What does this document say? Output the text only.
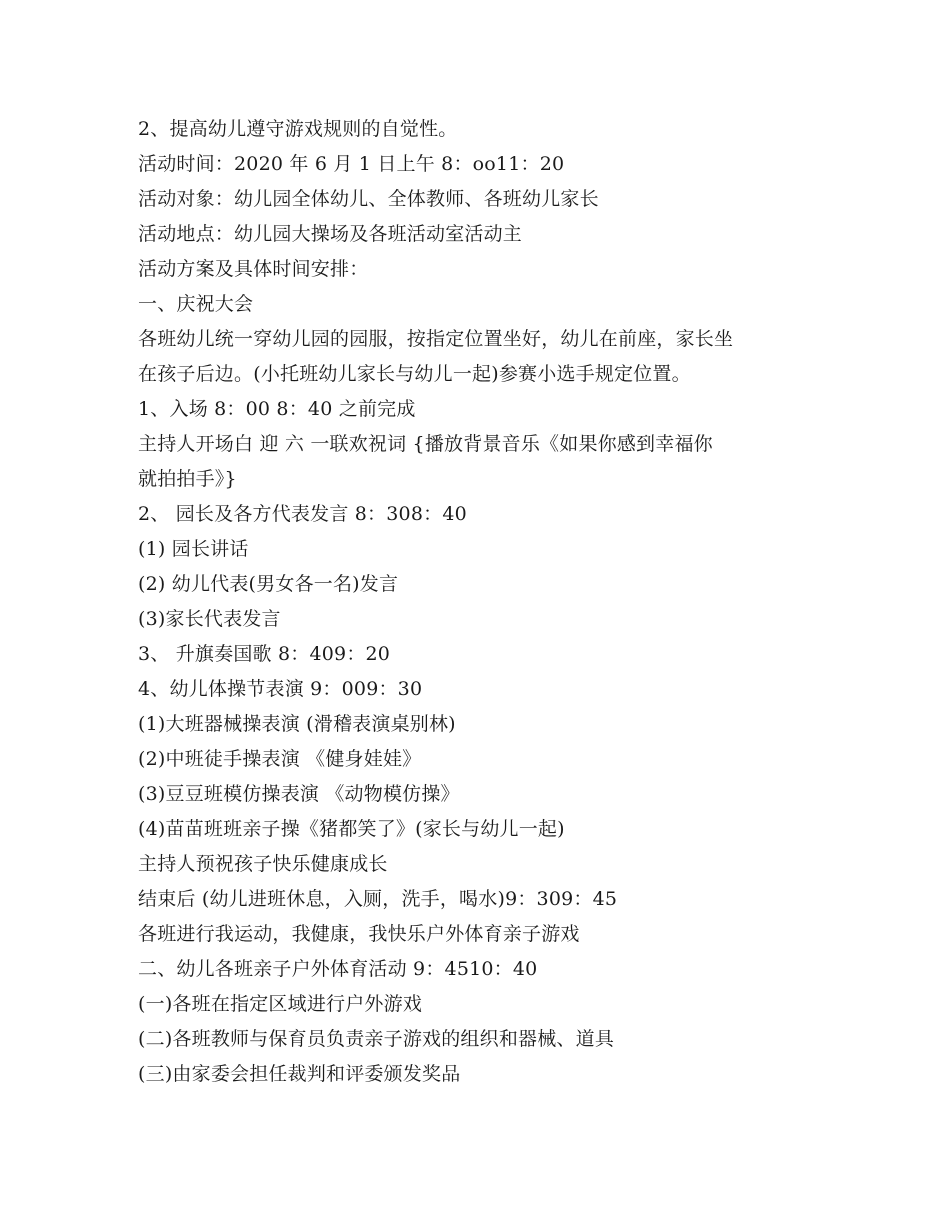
2、提高幼儿遵守游戏规则的自觉性。
活动时间：2020 年 6 月 1 日上午 8：oo11：20
活动对象：幼儿园全体幼儿、全体教师、各班幼儿家长
活动地点：幼儿园大操场及各班活动室活动主
活动方案及具体时间安排：
一、庆祝大会
各班幼儿统一穿幼儿园的园服，按指定位置坐好，幼儿在前座，家长坐
在孩子后边。(小托班幼儿家长与幼儿一起)参赛小选手规定位置。
1、入场 8：00 8：40 之前完成
主持人开场白 迎 六 一联欢祝词 {播放背景音乐《如果你感到幸福你
就拍拍手》}
2、 园长及各方代表发言 8：308：40
(1) 园长讲话
(2) 幼儿代表(男女各一名)发言
(3)家长代表发言
3、 升旗奏国歌 8：409：20
4、幼儿体操节表演 9：009：30
(1)大班器械操表演 (滑稽表演桌别林)
(2)中班徒手操表演 《健身娃娃》
(3)豆豆班模仿操表演 《动物模仿操》
(4)苗苗班班亲子操《猪都笑了》(家长与幼儿一起)
主持人预祝孩子快乐健康成长
结束后 (幼儿进班休息，入厕，洗手，喝水)9：309：45
各班进行我运动，我健康，我快乐户外体育亲子游戏
二、幼儿各班亲子户外体育活动 9：4510：40
(一)各班在指定区域进行户外游戏
(二)各班教师与保育员负责亲子游戏的组织和器械、道具
(三)由家委会担任裁判和评委颁发奖品
